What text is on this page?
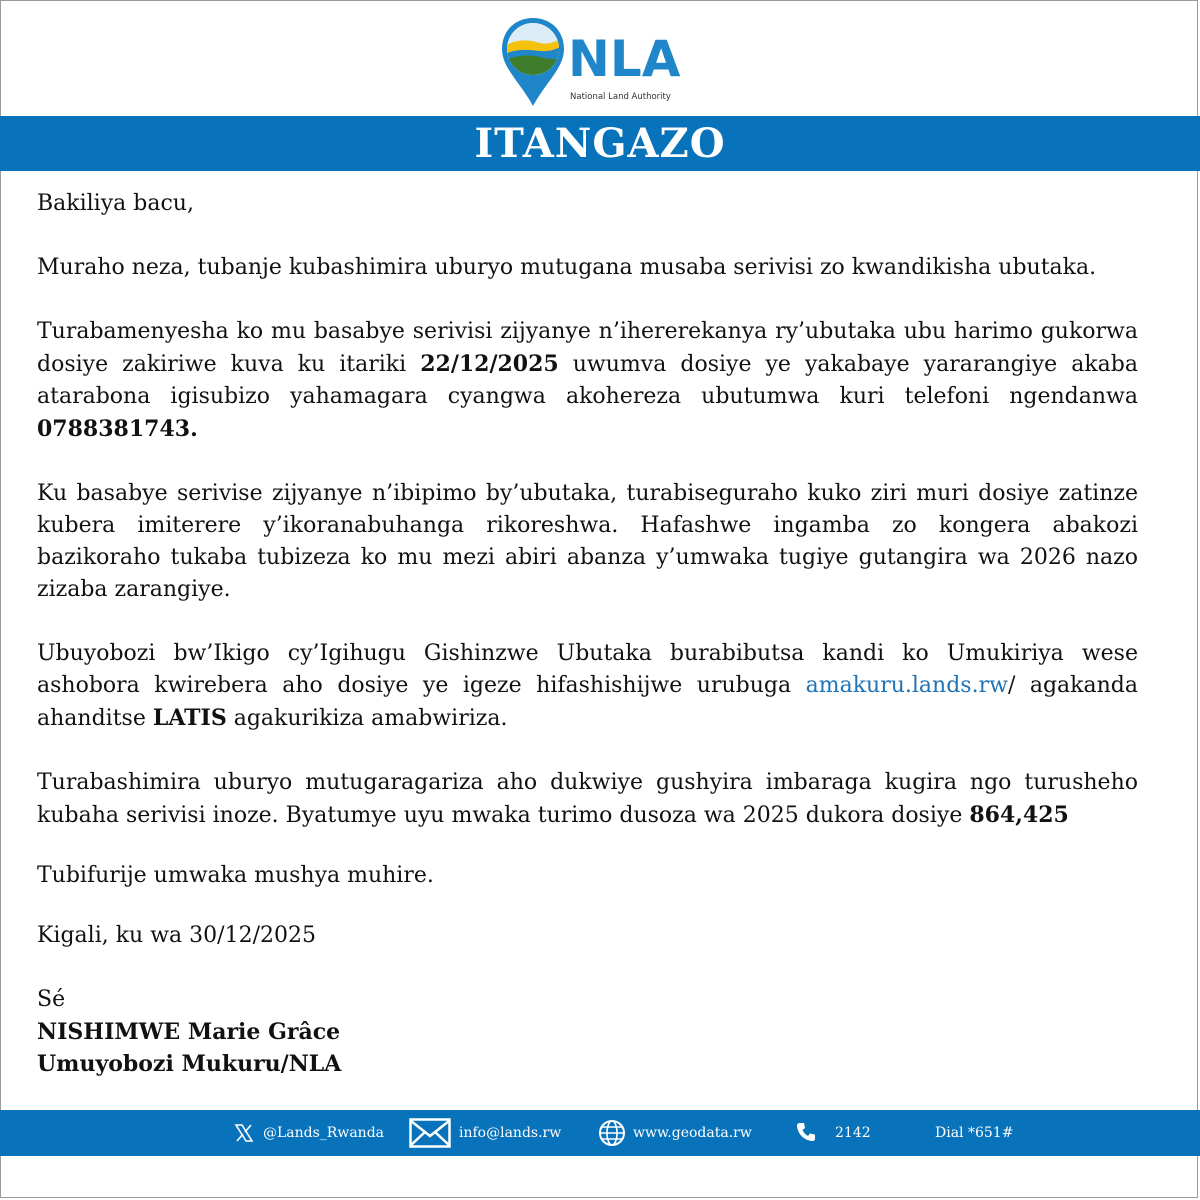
NLA
National Land Authority
ITANGAZO

Bakiliya bacu,

Muraho neza, tubanje kubashimira uburyo mutugana musaba serivisi zo kwandikisha ubutaka.

Turabamenyesha ko mu basabye serivisi zijyanye n’ihererekanya ry’ubutaka ubu harimo gukorwa dosiye zakiriwe kuva ku itariki 22/12/2025 uwumva dosiye ye yakabaye yararangiye akaba atarabona igisubizo yahamagara cyangwa akohereza ubutumwa kuri telefoni ngendanwa 0788381743.

Ku basabye serivise zijyanye n’ibipimo by’ubutaka, turabiseguraho kuko ziri muri dosiye zatinze kubera imiterere y’ikoranabuhanga rikoreshwa. Hafashwe ingamba zo kongera abakozi bazikoraho tukaba tubizeza ko mu mezi abiri abanza y’umwaka tugiye gutangira wa 2026 nazo zizaba zarangiye.

Ubuyobozi bw’Ikigo cy’Igihugu Gishinzwe Ubutaka burabibutsa kandi ko Umukiriya wese ashobora kwirebera aho dosiye ye igeze hifashishijwe urubuga amakuru.lands.rw/ agakanda ahanditse LATIS agakurikiza amabwiriza.

Turabashimira uburyo mutugaragariza aho dukwiye gushyira imbaraga kugira ngo turusheho kubaha serivisi inoze. Byatumye uyu mwaka turimo dusoza wa 2025 dukora dosiye 864,425

Tubifurije umwaka mushya muhire.

Kigali, ku wa 30/12/2025

Sé

NISHIMWE Marie Grâce

Umuyobozi Mukuru/NLA

@Lands_Rwanda	info@lands.rw	www.geodata.rw	2142	Dial *651#
